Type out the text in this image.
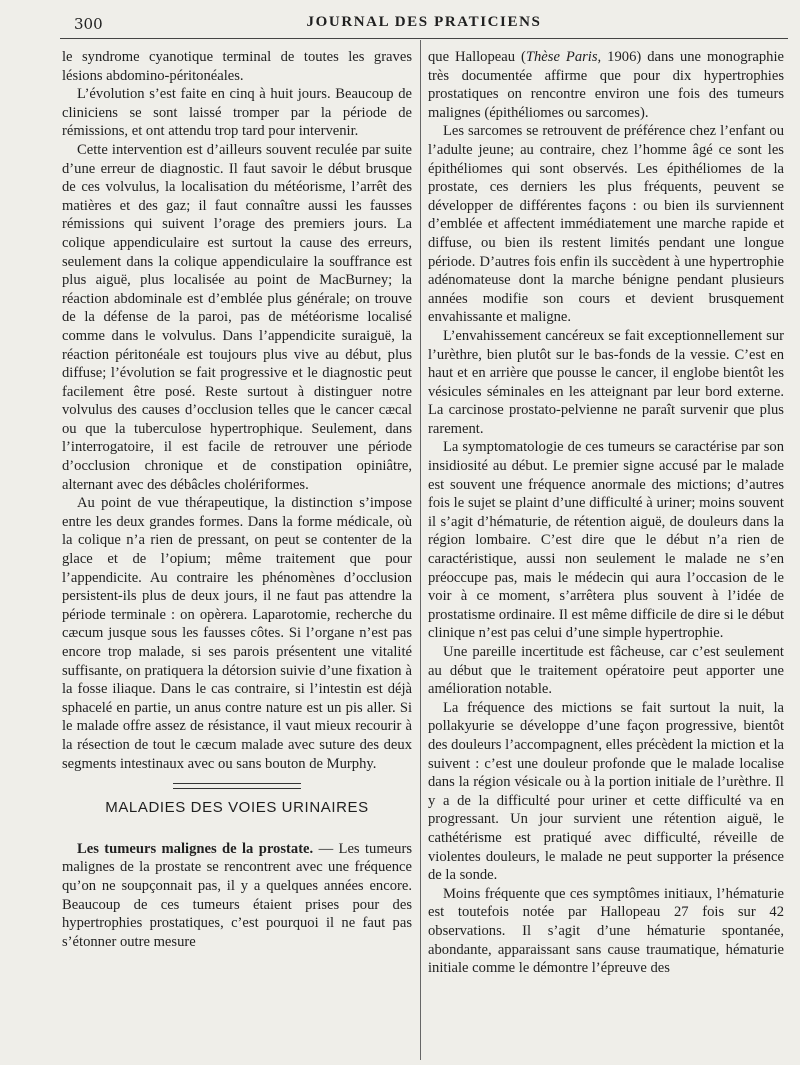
300	JOURNAL DES PRATICIENS

le syndrome cyanotique terminal de toutes les graves lésions abdomino-péritonéales.

L’évolution s’est faite en cinq à huit jours. Beaucoup de cliniciens se sont laissé tromper par la période de rémissions, et ont attendu trop tard pour intervenir.

Cette intervention est d’ailleurs souvent reculée par suite d’une erreur de diagnostic. Il faut savoir le début brusque de ces volvulus, la localisation du météorisme, l’arrêt des matières et des gaz; il faut connaître aussi les fausses rémissions qui suivent l’orage des premiers jours. La colique appendiculaire est surtout la cause des erreurs, seulement dans la colique appendiculaire la souffrance est plus aiguë, plus localisée au point de MacBurney; la réaction abdominale est d’emblée plus générale; on trouve de la défense de la paroi, pas de météorisme localisé comme dans le volvulus. Dans l’appendicite suraiguë, la réaction péritonéale est toujours plus vive au début, plus diffuse; l’évolution se fait progressive et le diagnostic peut facilement être posé. Reste surtout à distinguer notre volvulus des causes d’occlusion telles que le cancer cæcal ou que la tuberculose hypertrophique. Seulement, dans l’interrogatoire, il est facile de retrouver une période d’occlusion chronique et de constipation opiniâtre, alternant avec des débâcles cholériformes.

Au point de vue thérapeutique, la distinction s’impose entre les deux grandes formes. Dans la forme médicale, où la colique n’a rien de pressant, on peut se contenter de la glace et de l’opium; même traitement que pour l’appendicite. Au contraire les phénomènes d’occlusion persistent-ils plus de deux jours, il ne faut pas attendre la période terminale : on opèrera. Laparotomie, recherche du cæcum jusque sous les fausses côtes. Si l’organe n’est pas encore trop malade, si ses parois présentent une vitalité suffisante, on pratiquera la détorsion suivie d’une fixation à la fosse iliaque. Dans le cas contraire, si l’intestin est déjà sphacelé en partie, un anus contre nature est un pis aller. Si le malade offre assez de résistance, il vaut mieux recourir à la résection de tout le cæcum malade avec suture des deux segments intestinaux avec ou sans bouton de Murphy.

MALADIES DES VOIES URINAIRES

Les tumeurs malignes de la prostate. — Les tumeurs malignes de la prostate se rencontrent avec une fréquence qu’on ne soupçonnait pas, il y a quelques années encore. Beaucoup de ces tumeurs étaient prises pour des hypertrophies prostatiques, c’est pourquoi il ne faut pas s’étonner outre mesure

que Hallopeau (Thèse Paris, 1906) dans une monographie très documentée affirme que pour dix hypertrophies prostatiques on rencontre environ une fois des tumeurs malignes (épithéliomes ou sarcomes).

Les sarcomes se retrouvent de préférence chez l’enfant ou l’adulte jeune; au contraire, chez l’homme âgé ce sont les épithéliomes qui sont observés. Les épithéliomes de la prostate, ces derniers les plus fréquents, peuvent se développer de différentes façons : ou bien ils surviennent d’emblée et affectent immédiatement une marche rapide et diffuse, ou bien ils restent limités pendant une longue période. D’autres fois enfin ils succèdent à une hypertrophie adénomateuse dont la marche bénigne pendant plusieurs années modifie son cours et devient brusquement envahissante et maligne.

L’envahissement cancéreux se fait exceptionnellement sur l’urèthre, bien plutôt sur le bas-fonds de la vessie. C’est en haut et en arrière que pousse le cancer, il englobe bientôt les vésicules séminales en les atteignant par leur bord externe. La carcinose prostato-pelvienne ne paraît survenir que plus rarement.

La symptomatologie de ces tumeurs se caractérise par son insidiosité au début. Le premier signe accusé par le malade est souvent une fréquence anormale des mictions; d’autres fois le sujet se plaint d’une difficulté à uriner; moins souvent il s’agit d’hématurie, de rétention aiguë, de douleurs dans la région lombaire. C’est dire que le début n’a rien de caractéristique, aussi non seulement le malade ne s’en préoccupe pas, mais le médecin qui aura l’occasion de le voir à ce moment, s’arrêtera plus souvent à l’idée de prostatisme ordinaire. Il est même difficile de dire si le début clinique n’est pas celui d’une simple hypertrophie.

Une pareille incertitude est fâcheuse, car c’est seulement au début que le traitement opératoire peut apporter une amélioration notable.

La fréquence des mictions se fait surtout la nuit, la pollakyurie se développe d’une façon progressive, bientôt des douleurs l’accompagnent, elles précèdent la miction et la suivent : c’est une douleur profonde que le malade localise dans la région vésicale ou à la portion initiale de l’urèthre. Il y a de la difficulté pour uriner et cette difficulté va en progressant. Un jour survient une rétention aiguë, le cathétérisme est pratiqué avec difficulté, réveille de violentes douleurs, le malade ne peut supporter la présence de la sonde.

Moins fréquente que ces symptômes initiaux, l’hématurie est toutefois notée par Hallopeau 27 fois sur 42 observations. Il s’agit d’une hématurie spontanée, abondante, apparaissant sans cause traumatique, hématurie initiale comme le démontre l’épreuve des
